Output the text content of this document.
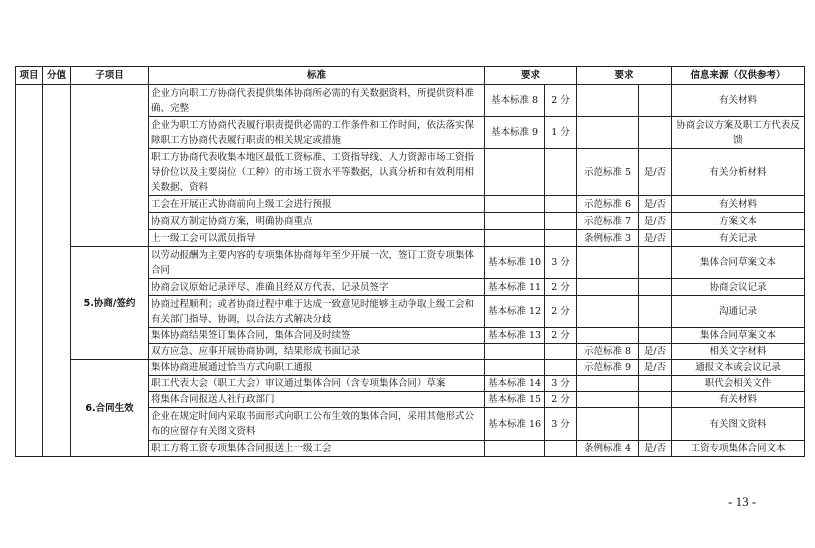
项目	分值	子项目	标准	要求		要求		信息来源（仅供参考）
			企业方向职工方协商代表提供集体协商所必需的有关数据资料，所提供资料准确、完整	基本标准 8	2 分			有关材料
			企业为职工方协商代表履行职责提供必需的工作条件和工作时间，依法落实保障职工方协商代表履行职责的相关规定或措施	基本标准 9	1 分			协商会议方案及职工方代表反馈
			职工方协商代表收集本地区最低工资标准、工资指导线、人力资源市场工资指导价位以及主要岗位（工种）的市场工资水平等数据，认真分析和有效利用相关数据、资料			示范标准 5	是/否	有关分析材料
			工会在开展正式协商前向上级工会进行预报			示范标准 6	是/否	有关材料
			协商双方制定协商方案，明确协商重点			示范标准 7	是/否	方案文本
			上一级工会可以派员指导			条例标准 3	是/否	有关记录
		5.协商/签约	以劳动报酬为主要内容的专项集体协商每年至少开展一次，签订工资专项集体合同	基本标准 10	3 分			集体合同草案文本
			协商会议原始记录评尽、准确且经双方代表、记录员签字	基本标准 11	2 分			协商会议记录
			协商过程顺利；或者协商过程中难于达成一致意见时能够主动争取上级工会和有关部门指导、协调，以合法方式解决分歧	基本标准 12	2 分			沟通记录
			集体协商结果签订集体合同，集体合同及时续签	基本标准 13	2 分			集体合同草案文本
			双方应急、应事开展协商协调，结果形成书面记录			示范标准 8	是/否	相关文字材料
		6.合同生效	集体协商进展通过恰当方式向职工通报			示范标准 9	是/否	通报文本或会议记录
			职工代表大会（职工大会）审议通过集体合同（含专项集体合同）草案	基本标准 14	3 分			职代会相关文件
			将集体合同报送人社行政部门	基本标准 15	2 分			有关材料
			企业在规定时间内采取书面形式向职工公布生效的集体合同，采用其他形式公布的应留存有关图文资料	基本标准 16	3 分			有关图文资料
			职工方将工资专项集体合同报送上一级工会			条例标准 4	是/否	工资专项集体合同文本
- 13 -
